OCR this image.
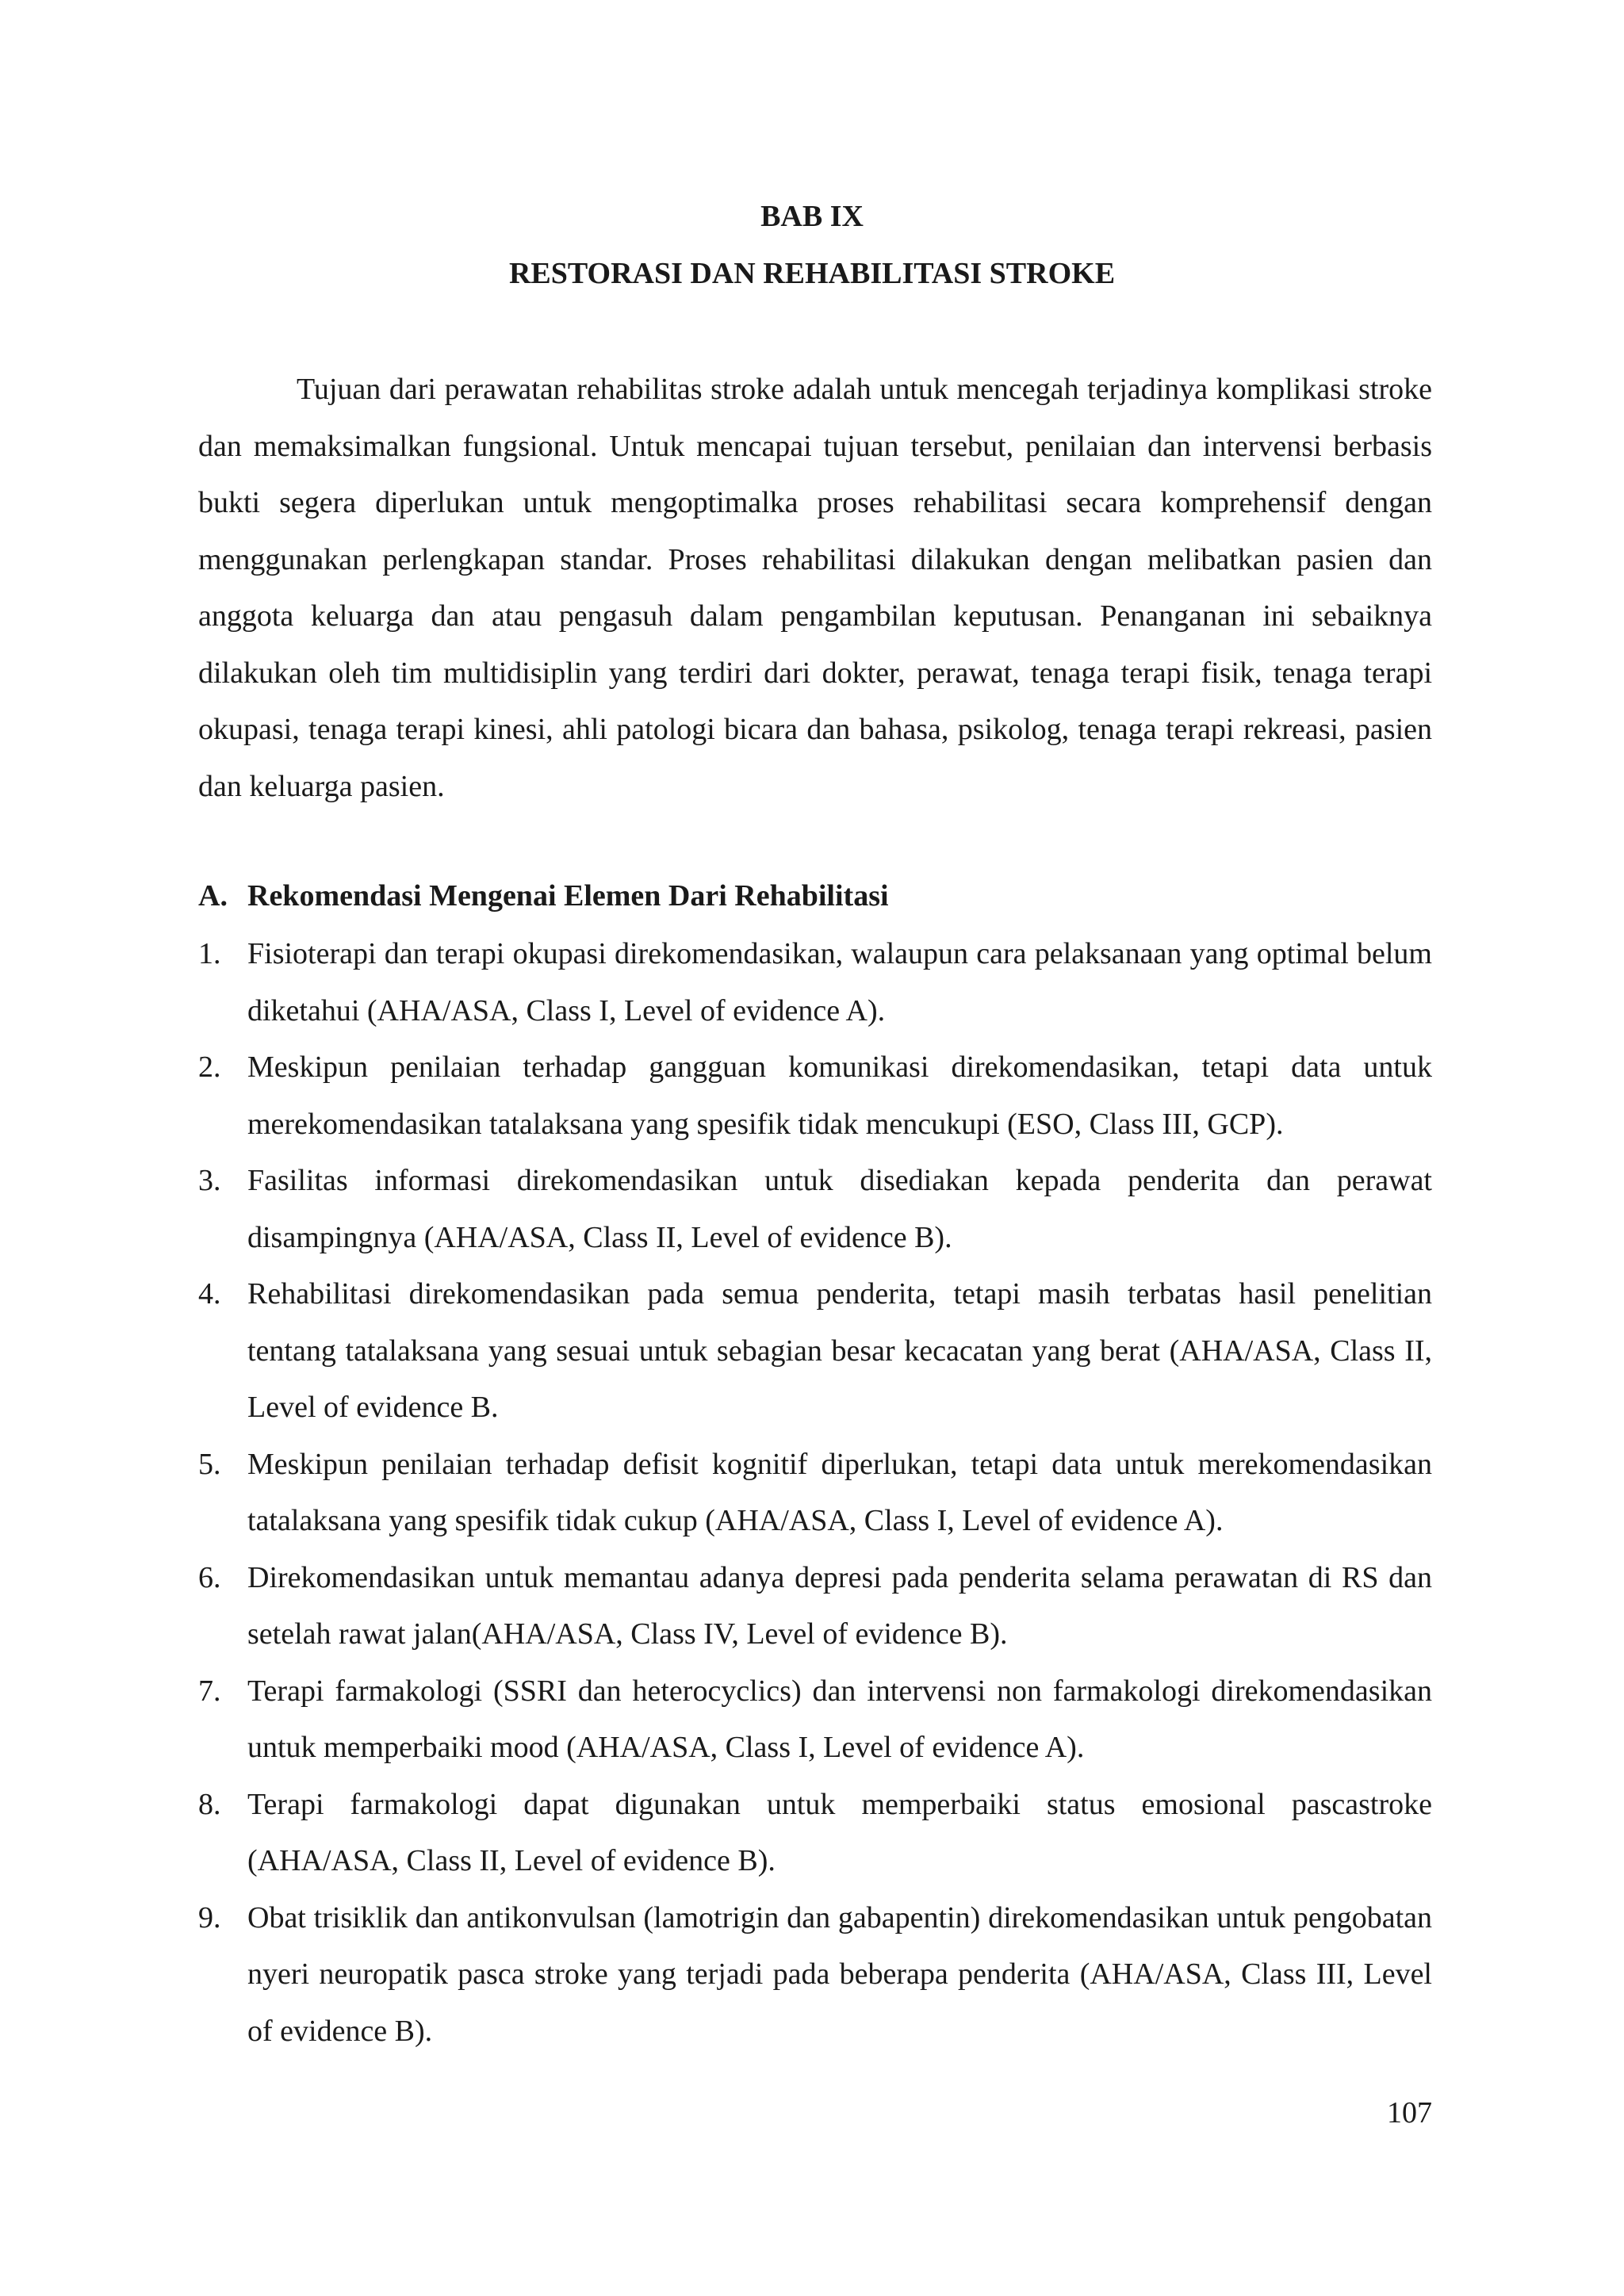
BAB IX
RESTORASI DAN REHABILITASI STROKE

Tujuan dari perawatan rehabilitas stroke adalah untuk mencegah terjadinya komplikasi stroke dan memaksimalkan fungsional. Untuk mencapai tujuan tersebut, penilaian dan intervensi berbasis bukti segera diperlukan untuk mengoptimalka proses rehabilitasi secara komprehensif dengan menggunakan perlengkapan standar. Proses rehabilitasi dilakukan dengan melibatkan pasien dan anggota keluarga dan atau pengasuh dalam pengambilan keputusan. Penanganan ini sebaiknya dilakukan oleh tim multidisiplin yang terdiri dari dokter, perawat, tenaga terapi fisik, tenaga terapi okupasi, tenaga terapi kinesi, ahli patologi bicara dan bahasa, psikolog, tenaga terapi rekreasi, pasien dan keluarga pasien.

A. Rekomendasi Mengenai Elemen Dari Rehabilitasi
1. Fisioterapi dan terapi okupasi direkomendasikan, walaupun cara pelaksanaan yang optimal belum diketahui (AHA/ASA, Class I, Level of evidence A).
2. Meskipun penilaian terhadap gangguan komunikasi direkomendasikan, tetapi data untuk merekomendasikan tatalaksana yang spesifik tidak mencukupi (ESO, Class III, GCP).
3. Fasilitas informasi direkomendasikan untuk disediakan kepada penderita dan perawat disampingnya (AHA/ASA, Class II, Level of evidence B).
4. Rehabilitasi direkomendasikan pada semua penderita, tetapi masih terbatas hasil penelitian tentang tatalaksana yang sesuai untuk sebagian besar kecacatan yang berat (AHA/ASA, Class II, Level of evidence B.
5. Meskipun penilaian terhadap defisit kognitif diperlukan, tetapi data untuk merekomendasikan tatalaksana yang spesifik tidak cukup (AHA/ASA, Class I, Level of evidence A).
6. Direkomendasikan untuk memantau adanya depresi pada penderita selama perawatan di RS dan setelah rawat jalan(AHA/ASA, Class IV, Level of evidence B).
7. Terapi farmakologi (SSRI dan heterocyclics) dan intervensi non farmakologi direkomendasikan untuk memperbaiki mood (AHA/ASA, Class I, Level of evidence A).
8. Terapi farmakologi dapat digunakan untuk memperbaiki status emosional pascastroke (AHA/ASA, Class II, Level of evidence B).
9. Obat trisiklik dan antikonvulsan (lamotrigin dan gabapentin) direkomendasikan untuk pengobatan nyeri neuropatik pasca stroke yang terjadi pada beberapa penderita (AHA/ASA, Class III, Level of evidence B).
107
